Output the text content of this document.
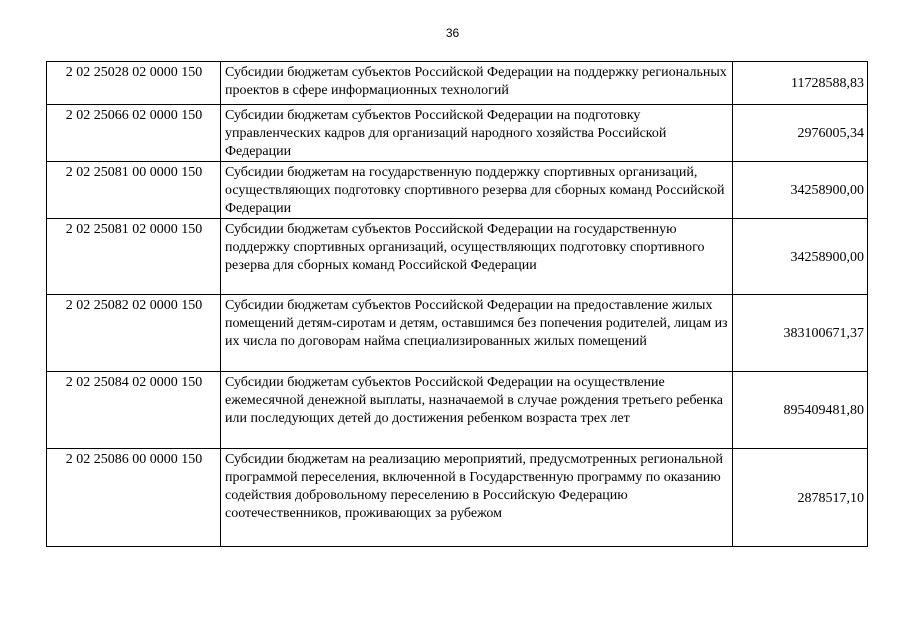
36
2 02 25028 02 0000 150	Субсидии бюджетам субъектов Российской Федерации на поддержку региональных проектов в сфере информационных технологий	11728588,83
2 02 25066 02 0000 150	Субсидии бюджетам субъектов Российской Федерации на подготовку управленческих кадров для организаций народного хозяйства Российской Федерации	2976005,34
2 02 25081 00 0000 150	Субсидии бюджетам на государственную поддержку спортивных организаций, осуществляющих подготовку спортивного резерва для сборных команд Российской Федерации	34258900,00
2 02 25081 02 0000 150	Субсидии бюджетам субъектов Российской Федерации на государственную поддержку спортивных организаций, осуществляющих подготовку спортивного резерва для сборных команд Российской Федерации	34258900,00
2 02 25082 02 0000 150	Субсидии бюджетам субъектов Российской Федерации на предоставление жилых помещений детям-сиротам и детям, оставшимся без попечения родителей, лицам из их числа по договорам найма специализированных жилых помещений	383100671,37
2 02 25084 02 0000 150	Субсидии бюджетам субъектов Российской Федерации на осуществление ежемесячной денежной выплаты, назначаемой в случае рождения третьего ребенка или последующих детей до достижения ребенком возраста трех лет	895409481,80
2 02 25086 00 0000 150	Субсидии бюджетам на реализацию мероприятий, предусмотренных региональной программой переселения, включенной в Государственную программу по оказанию содействия добровольному переселению в Российскую Федерацию соотечественников, проживающих за рубежом	2878517,10
